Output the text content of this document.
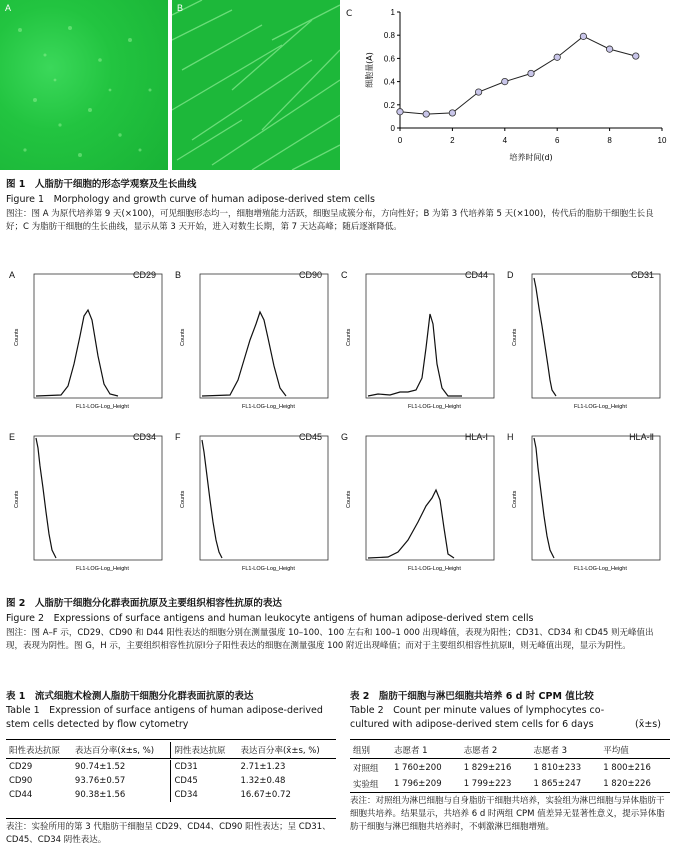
A	B
C
0
0.2
0.4
0.6
0.8
1
0	2	4	6	8	10
细胞量(A)
培养时间(d)
图 1　人脂肪干细胞的形态学观察及生长曲线
Figure 1　Morphology and growth curve of human adipose-derived stem cells
图注：图 A 为原代培养第 9 天(×100)，可见细胞形态均一，细胞增殖能力活跃，细胞呈成簇分布，方向性好；B 为第 3 代培养第 5 天(×100)，传代后的脂肪干细胞生长良好；C 为脂肪干细胞的生长曲线，显示从第 3 天开始，进入对数生长期，第 7 天达高峰；随后逐渐降低。
A	CD29
Counts
FL1-LOG-Log_Height
B	CD90
Counts
FL1-LOG-Log_Height
C	CD44
Counts
FL1-LOG-Log_Height
D	CD31
Counts
FL1-LOG-Log_Height
E	CD34
Counts
FL1-LOG-Log_Height
F	CD45
Counts
FL1-LOG-Log_Height
G	HLA-Ⅰ
Counts
FL1-LOG-Log_Height
H	HLA-Ⅱ
Counts
FL1-LOG-Log_Height
图 2　人脂肪干细胞分化群表面抗原及主要组织相容性抗原的表达
Figure 2　Expressions of surface antigens and human leukocyte antigens of human adipose-derived stem cells
图注：图 A–F 示，CD29、CD90 和 D44 阳性表达的细胞分别在测量强度 10–100、100 左右和 100–1 000 出现峰值，表现为阳性；CD31、CD34 和 CD45 则无峰值出现，表现为阴性。图 G，H 示，主要组织相容性抗原Ⅰ分子阳性表达的细胞在测量强度 100 附近出现峰值；而对于主要组织相容性抗原Ⅱ，则无峰值出现，显示为阴性。
表 1　流式细胞术检测人脂肪干细胞分化群表面抗原的表达
Table 1　Expression of surface antigens of human adipose-derived stem cells detected by flow cytometry
阳性表达抗原	表达百分率(x̄±s, %)	阴性表达抗原	表达百分率(x̄±s, %)

CD29	90.74±1.52	CD31	2.71±1.23
CD90	93.76±0.57	CD45	1.32±0.48
CD44	90.38±1.56	CD34	16.67±0.72
表注：实验所用的第 3 代脂肪干细胞呈 CD29、CD44、CD90 阳性表达；呈 CD31、CD45、CD34 阴性表达。
表 2　脂肪干细胞与淋巴细胞共培养 6 d 时 CPM 值比较
Table 2　Count per minute values of lymphocytes co-cultured with adipose-derived stem cells for 6 days	(x̄±s)
组别	志愿者 1	志愿者 2	志愿者 3	平均值

对照组	1 760±200	1 829±216	1 810±233	1 800±216
实验组	1 796±209	1 799±223	1 865±247	1 820±226
表注：对照组为淋巴细胞与自身脂肪干细胞共培养，实验组为淋巴细胞与异体脂肪干细胞共培养。结果显示，共培养 6 d 时两组 CPM 值差异无显著性意义，提示异体脂肪干细胞与淋巴细胞共培养时，不刺激淋巴细胞增殖。
